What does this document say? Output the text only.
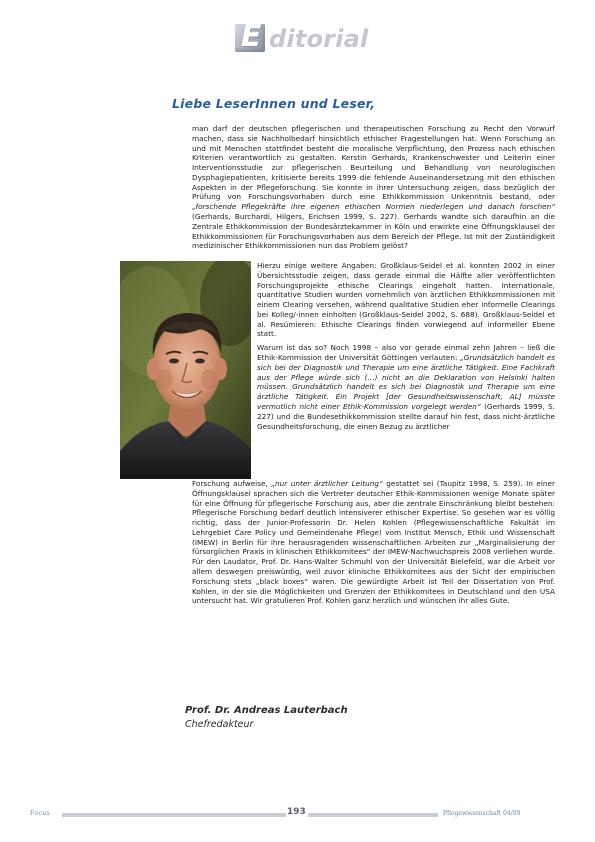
E ditorial
Liebe LeserInnen und Leser,

man darf der deutschen pflegerischen und therapeutischen Forschung zu Recht den Vorwurf machen, dass sie Nachholbedarf hinsichtlich ethischer Fragestellungen hat. Wenn Forschung an und mit Menschen stattfindet besteht die moralische Verpflichtung, den Prozess nach ethischen Kriterien verantwortlich zu gestalten. Kerstin Gerhards, Krankenschwester und Leiterin einer Interventionsstudie zur pflegerischen Beurteilung und Behandlung von neurologischen Dysphagiepatienten, kritisierte bereits 1999 die fehlende Auseinandersetzung mit den ethischen Aspekten in der Pflegeforschung. Sie konnte in ihrer Untersuchung zeigen, dass bezüglich der Prüfung von Forschungsvorhaben durch eine Ethikkommission Unkenntnis bestand, oder „forschende Pflegekräfte ihre eigenen ethischen Normen niederlegen und danach forschen“ (Gerhards, Burchardi, Hilgers, Erichsen 1999, S. 227). Gerhards wandte sich daraufhin an die Zentrale Ethikkommission der Bundesärztekammer in Köln und erwirkte eine Öffnungsklausel der Ethikkommissionen für Forschungsvorhaben aus dem Bereich der Pflege. Ist mit der Zuständigkeit medizinischer Ethikkommissionen nun das Problem gelöst?

Hierzu einige weitere Angaben: Großklaus-Seidel et al. konnten 2002 in einer Übersichtsstudie zeigen, dass gerade einmal die Hälfte aller veröffentlichten Forschungsprojekte ethische Clearings eingeholt hatten. Internationale, quantitative Studien wurden vornehmlich von ärztlichen Ethikkommissionen mit einem Clearing versehen, während qualitative Studien eher informelle Clearings bei Kolleg/-innen einholten (Großklaus-Seidel 2002, S. 688). Großklaus-Seidel et al. Resümieren: Ethische Clearings finden vorwiegend auf informeller Ebene statt.

Warum ist das so? Noch 1998 – also vor gerade einmal zehn Jahren – ließ die Ethik-Kommission der Universität Göttingen verlauten: „Grundsätzlich handelt es sich bei der Diagnostik und Therapie um eine ärztliche Tätigkeit. Eine Fachkraft aus der Pflege würde sich (…) nicht an die Deklaration von Helsinki halten müssen. Grundsätzlich handelt es sich bei Diagnostik und Therapie um eine ärztliche Tätigkeit. Ein Projekt [der Gesundheitswissenschaft, AL] müsste vermutlich nicht einer Ethik-Kommission vorgelegt werden“ (Gerhards 1999, S. 227) und die Bundesethikkommission stellte darauf hin fest, dass nicht-ärztliche Gesundheitsforschung, die einen Bezug zu ärztlicher

Forschung aufweise, „nur unter ärztlicher Leitung“ gestattet sei (Taupitz 1998, S. 259). In einer Öffnungsklausel sprachen sich die Vertreter deutscher Ethik-Kommissionen wenige Monate später für eine Öffnung für pflegerische Forschung aus, aber die zentrale Einschränkung bleibt bestehen: Pflegerische Forschung bedarf deutlich intensiverer ethischer Expertise. So gesehen war es völlig richtig, dass der Junior-Professorin Dr. Helen Kohlen (Pflegewissenschaftliche Fakultät im Lehrgebiet Care Policy und Gemeindenahe Pflege) vom Institut Mensch, Ethik und Wissenschaft (IMEW) in Berlin für ihre herausragenden wissenschaftlichen Arbeiten zur „Marginalisierung der fürsorglichen Praxis in klinischen Ethikkomitees“ der IMEW-Nachwuchspreis 2008 verliehen wurde. Für den Laudator, Prof. Dr. Hans-Walter Schmuhl von der Universität Bielefeld, war die Arbeit vor allem deswegen preiswürdig, weil zuvor klinische Ethikkomitees aus der Sicht der empirischen Forschung stets „black boxes“ waren. Die gewürdigte Arbeit ist Teil der Dissertation von Prof. Kohlen, in der sie die Möglichkeiten und Grenzen der Ethikkomitees in Deutschland und den USA untersucht hat. Wir gratulieren Prof. Kohlen ganz herzlich und wünschen ihr alles Gute.

Prof. Dr. Andreas Lauterbach
Chefredakteur
Focus	193	Pflegewissenschaft 04/09
